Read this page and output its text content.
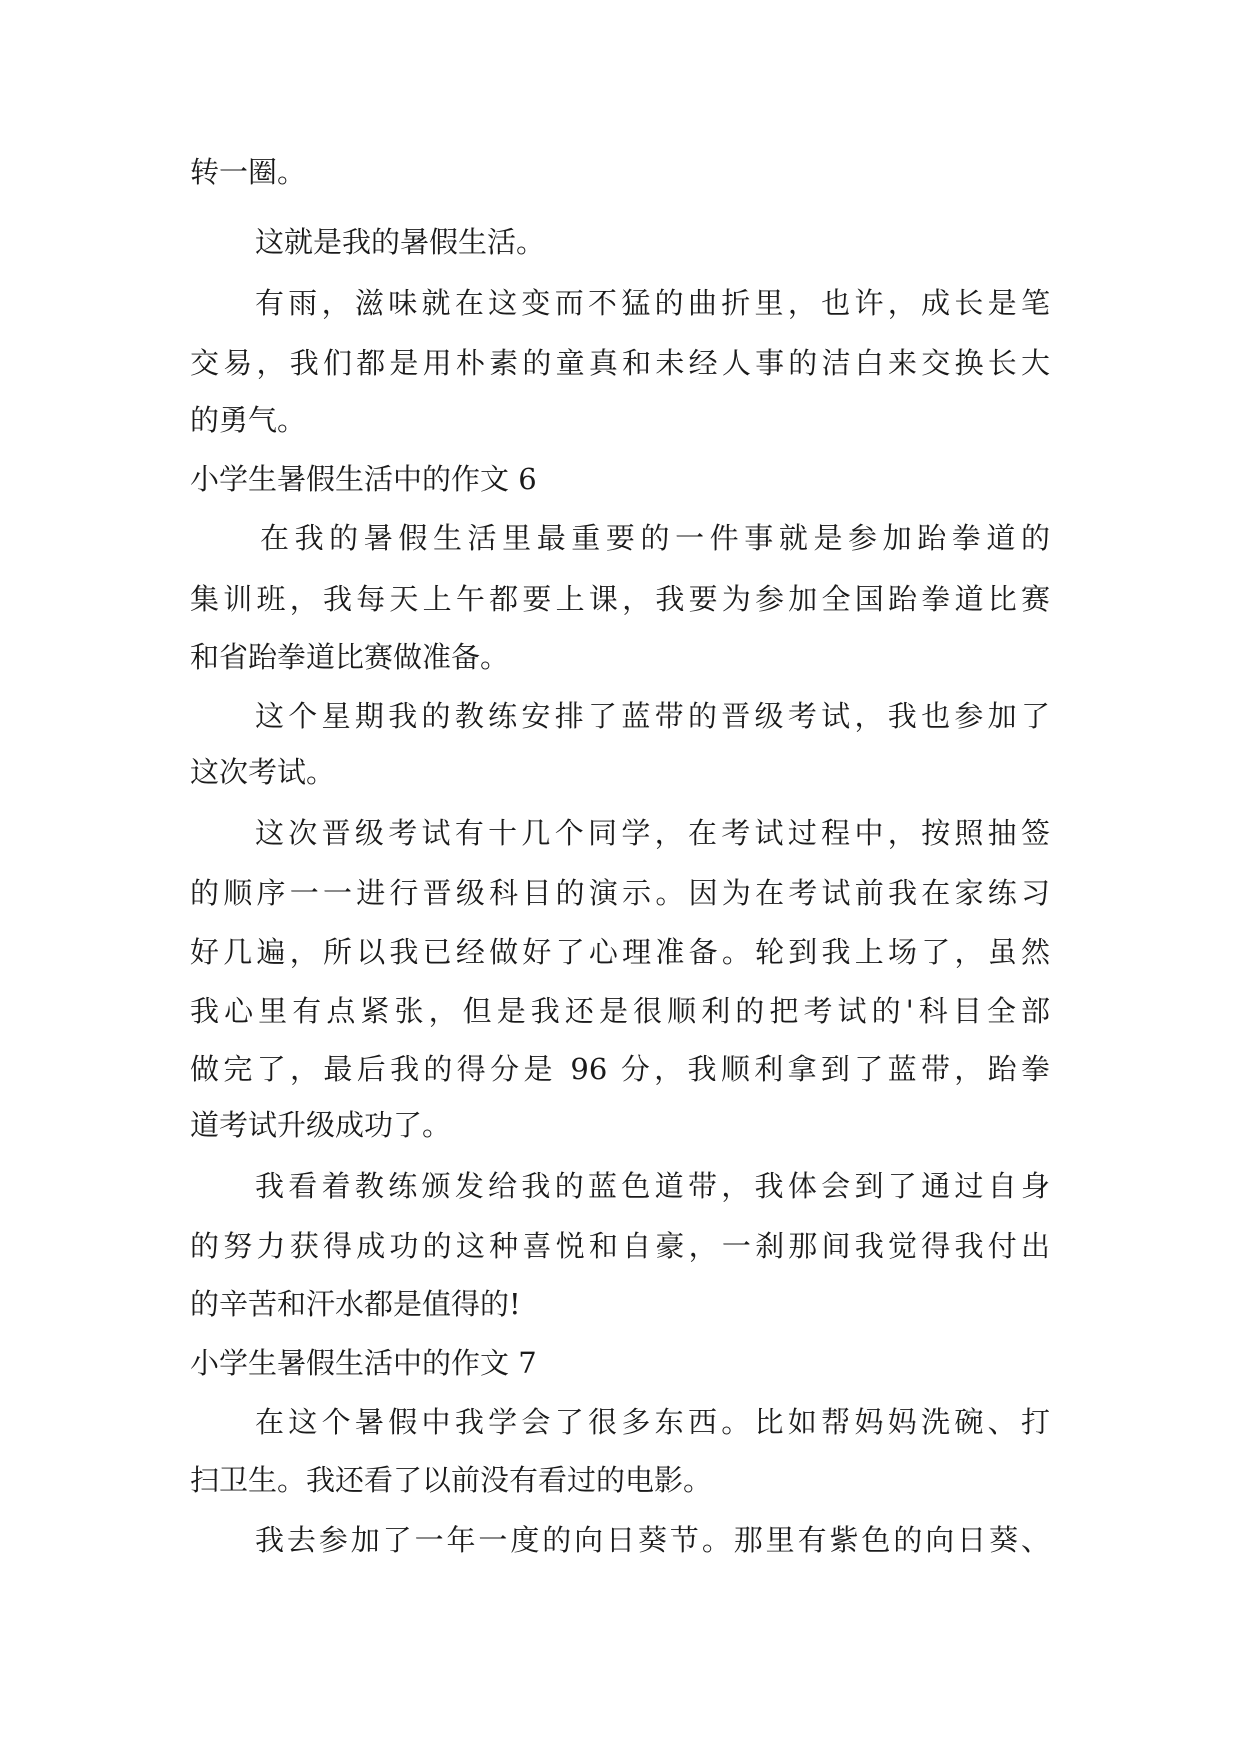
转一圈。

这就是我的暑假生活。

有雨，滋味就在这变而不猛的曲折里，也许，成长是笔

交易，我们都是用朴素的童真和未经人事的洁白来交换长大

的勇气。

小学生暑假生活中的作文 6

在我的暑假生活里最重要的一件事就是参加跆拳道的

集训班，我每天上午都要上课，我要为参加全国跆拳道比赛

和省跆拳道比赛做准备。

这个星期我的教练安排了蓝带的晋级考试，我也参加了

这次考试。

这次晋级考试有十几个同学，在考试过程中，按照抽签

的顺序一一进行晋级科目的演示。因为在考试前我在家练习

好几遍，所以我已经做好了心理准备。轮到我上场了，虽然

我心里有点紧张，但是我还是很顺利的把考试的'科目全部

做完了，最后我的得分是 96 分，我顺利拿到了蓝带，跆拳

道考试升级成功了。

我看着教练颁发给我的蓝色道带，我体会到了通过自身

的努力获得成功的这种喜悦和自豪，一刹那间我觉得我付出

的辛苦和汗水都是值得的!

小学生暑假生活中的作文 7

在这个暑假中我学会了很多东西。比如帮妈妈洗碗、打

扫卫生。我还看了以前没有看过的电影。

我去参加了一年一度的向日葵节。那里有紫色的向日葵、
